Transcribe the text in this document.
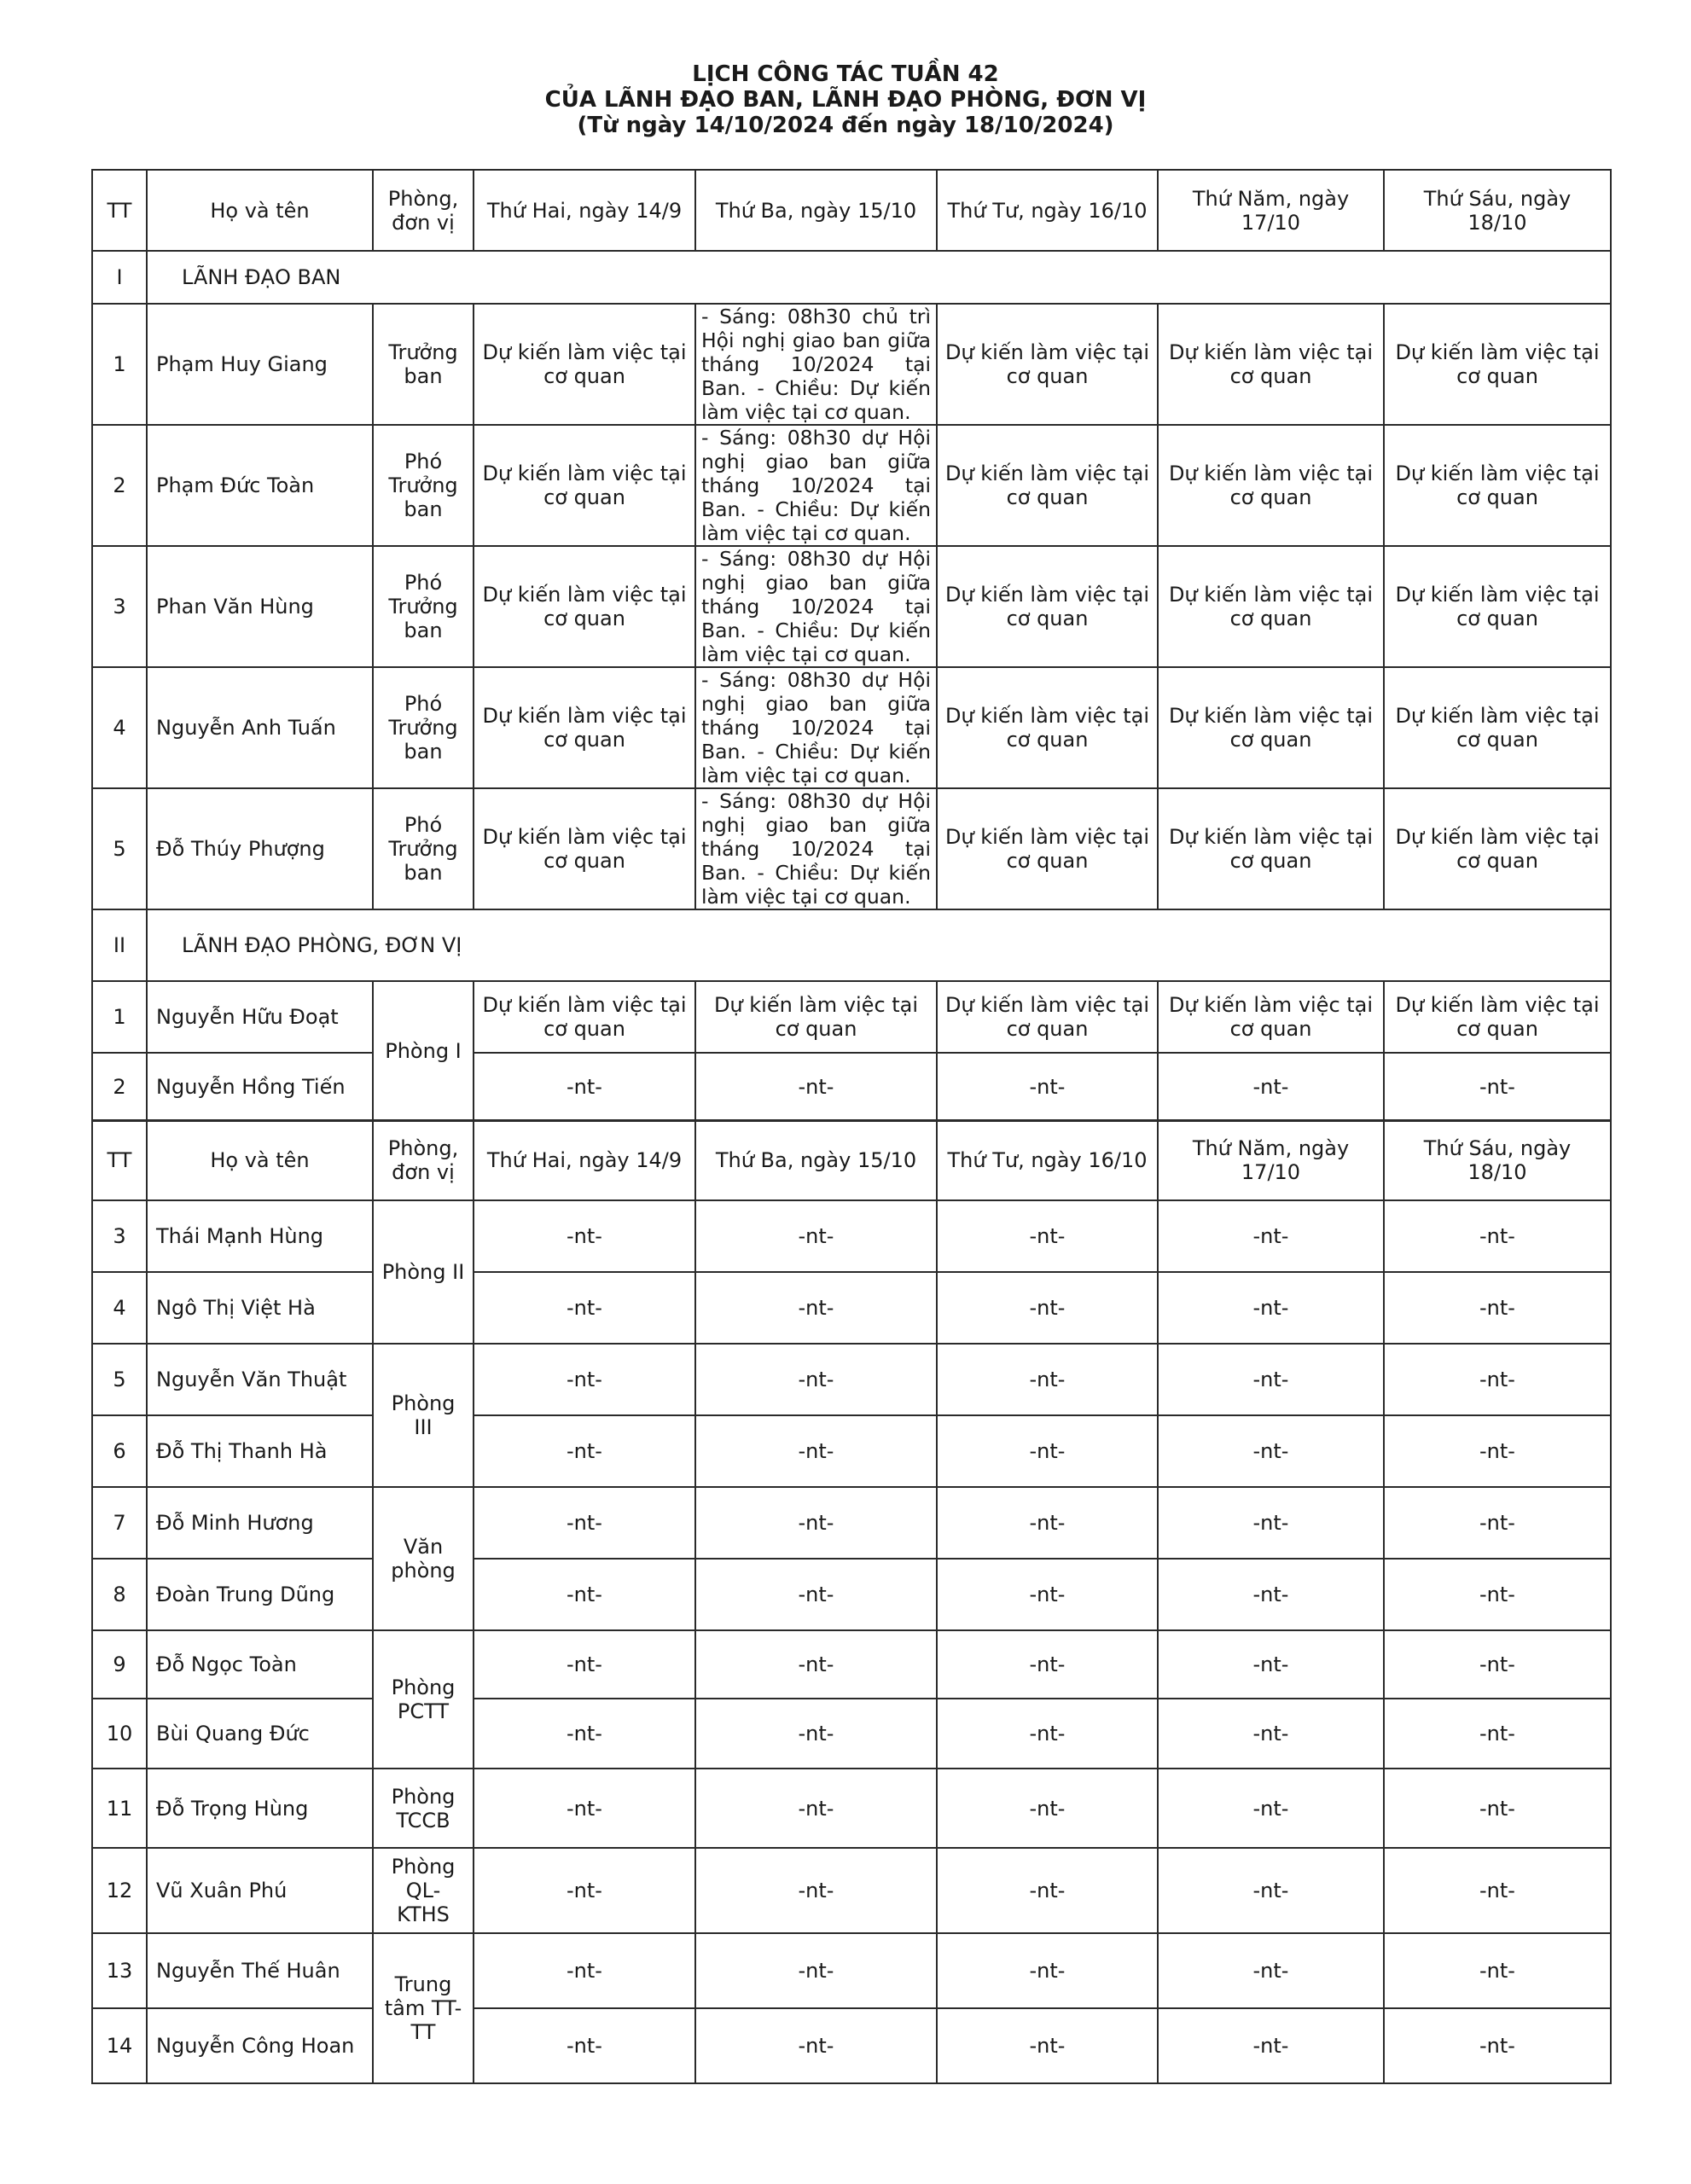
LỊCH CÔNG TÁC TUẦN 42
CỦA LÃNH ĐẠO BAN, LÃNH ĐẠO PHÒNG, ĐƠN VỊ
(Từ ngày 14/10/2024 đến ngày 18/10/2024)
TT	Họ và tên	Phòng, đơn vị	Thứ Hai, ngày 14/9	Thứ Ba, ngày 15/10	Thứ Tư, ngày 16/10	Thứ Năm, ngày 17/10	Thứ Sáu, ngày 18/10
I	LÃNH ĐẠO BAN						
1	Phạm Huy Giang	Trưởng ban	Dự kiến làm việc tại cơ quan	- Sáng: 08h30 chủ trì Hội nghị giao ban giữa tháng 10/2024 tại Ban. - Chiều: Dự kiến làm việc tại cơ quan.	Dự kiến làm việc tại cơ quan	Dự kiến làm việc tại cơ quan	Dự kiến làm việc tại cơ quan
2	Phạm Đức Toàn	Phó Trưởng ban	Dự kiến làm việc tại cơ quan	- Sáng: 08h30 dự Hội nghị giao ban giữa tháng 10/2024 tại Ban. - Chiều: Dự kiến làm việc tại cơ quan.	Dự kiến làm việc tại cơ quan	Dự kiến làm việc tại cơ quan	Dự kiến làm việc tại cơ quan
3	Phan Văn Hùng	Phó Trưởng ban	Dự kiến làm việc tại cơ quan	- Sáng: 08h30 dự Hội nghị giao ban giữa tháng 10/2024 tại Ban. - Chiều: Dự kiến làm việc tại cơ quan.	Dự kiến làm việc tại cơ quan	Dự kiến làm việc tại cơ quan	Dự kiến làm việc tại cơ quan
4	Nguyễn Anh Tuấn	Phó Trưởng ban	Dự kiến làm việc tại cơ quan	- Sáng: 08h30 dự Hội nghị giao ban giữa tháng 10/2024 tại Ban. - Chiều: Dự kiến làm việc tại cơ quan.	Dự kiến làm việc tại cơ quan	Dự kiến làm việc tại cơ quan	Dự kiến làm việc tại cơ quan
5	Đỗ Thúy Phượng	Phó Trưởng ban	Dự kiến làm việc tại cơ quan	- Sáng: 08h30 dự Hội nghị giao ban giữa tháng 10/2024 tại Ban. - Chiều: Dự kiến làm việc tại cơ quan.	Dự kiến làm việc tại cơ quan	Dự kiến làm việc tại cơ quan	Dự kiến làm việc tại cơ quan
II	LÃNH ĐẠO PHÒNG, ĐƠN VỊ						
1	Nguyễn Hữu Đoạt	Phòng I	Dự kiến làm việc tại cơ quan	Dự kiến làm việc tại cơ quan	Dự kiến làm việc tại cơ quan	Dự kiến làm việc tại cơ quan	Dự kiến làm việc tại cơ quan
2	Nguyễn Hồng Tiến		-nt-	-nt-	-nt-	-nt-	-nt-
TT	Họ và tên	Phòng, đơn vị	Thứ Hai, ngày 14/9	Thứ Ba, ngày 15/10	Thứ Tư, ngày 16/10	Thứ Năm, ngày 17/10	Thứ Sáu, ngày 18/10
3	Thái Mạnh Hùng	Phòng II	-nt-	-nt-	-nt-	-nt-	-nt-
4	Ngô Thị Việt Hà		-nt-	-nt-	-nt-	-nt-	-nt-
5	Nguyễn Văn Thuật	Phòng III	-nt-	-nt-	-nt-	-nt-	-nt-
6	Đỗ Thị Thanh Hà		-nt-	-nt-	-nt-	-nt-	-nt-
7	Đỗ Minh Hương	Văn phòng	-nt-	-nt-	-nt-	-nt-	-nt-
8	Đoàn Trung Dũng		-nt-	-nt-	-nt-	-nt-	-nt-
9	Đỗ Ngọc Toàn	Phòng PCTT	-nt-	-nt-	-nt-	-nt-	-nt-
10	Bùi Quang Đức		-nt-	-nt-	-nt-	-nt-	-nt-
11	Đỗ Trọng Hùng	Phòng TCCB	-nt-	-nt-	-nt-	-nt-	-nt-
12	Vũ Xuân Phú	Phòng QL-KTHS	-nt-	-nt-	-nt-	-nt-	-nt-
13	Nguyễn Thế Huân	Trung tâm TT-TT	-nt-	-nt-	-nt-	-nt-	-nt-
14	Nguyễn Công Hoan		-nt-	-nt-	-nt-	-nt-	-nt-
